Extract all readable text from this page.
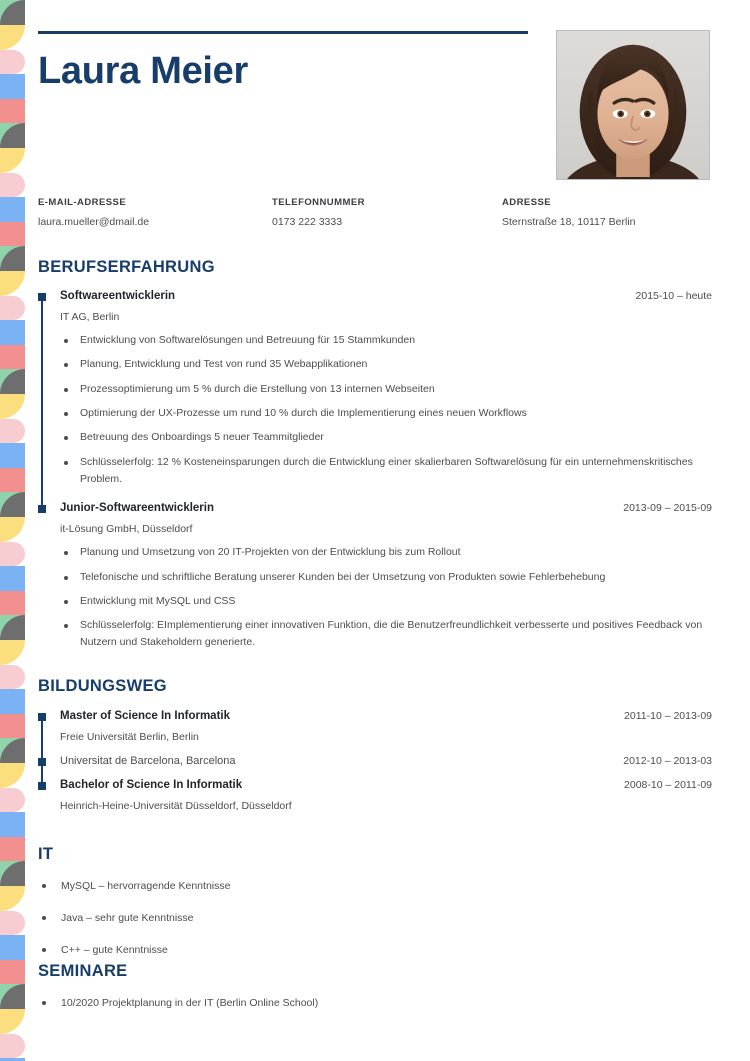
Laura Meier
E-MAIL-ADRESSE
laura.mueller@dmail.de
TELEFONNUMMER
0173 222 3333
ADRESSE
Sternstraße 18, 10117 Berlin
BERUFSERFAHRUNG
Softwareentwicklerin	2015-10 – heute
IT AG, Berlin
Entwicklung von Softwarelösungen und Betreuung für 15 Stammkunden
Planung, Entwicklung und Test von rund 35 Webapplikationen
Prozessoptimierung um 5 % durch die Erstellung von 13 internen Webseiten
Optimierung der UX-Prozesse um rund 10 % durch die Implementierung eines neuen Workflows
Betreuung des Onboardings 5 neuer Teammitglieder
Schlüsselerfolg: 12 % Kosteneinsparungen durch die Entwicklung einer skalierbaren Softwarelösung für ein unternehmenskritisches Problem.
Junior-Softwareentwicklerin	2013-09 – 2015-09
it-Lösung GmbH, Düsseldorf
Planung und Umsetzung von 20 IT-Projekten von der Entwicklung bis zum Rollout
Telefonische und schriftliche Beratung unserer Kunden bei der Umsetzung von Produkten sowie Fehlerbehebung
Entwicklung mit MySQL und CSS
Schlüsselerfolg: EImplementierung einer innovativen Funktion, die die Benutzerfreundlichkeit verbesserte und positives Feedback von Nutzern und Stakeholdern generierte.
BILDUNGSWEG
Master of Science In Informatik	2011-10 – 2013-09
Freie Universität Berlin, Berlin
Universitat de Barcelona, Barcelona	2012-10 – 2013-03
Bachelor of Science In Informatik	2008-10 – 2011-09
Heinrich-Heine-Universität Düsseldorf, Düsseldorf
IT
MySQL – hervorragende Kenntnisse
Java – sehr gute Kenntnisse
C++ – gute Kenntnisse
SEMINARE
10/2020 Projektplanung in der IT (Berlin Online School)
